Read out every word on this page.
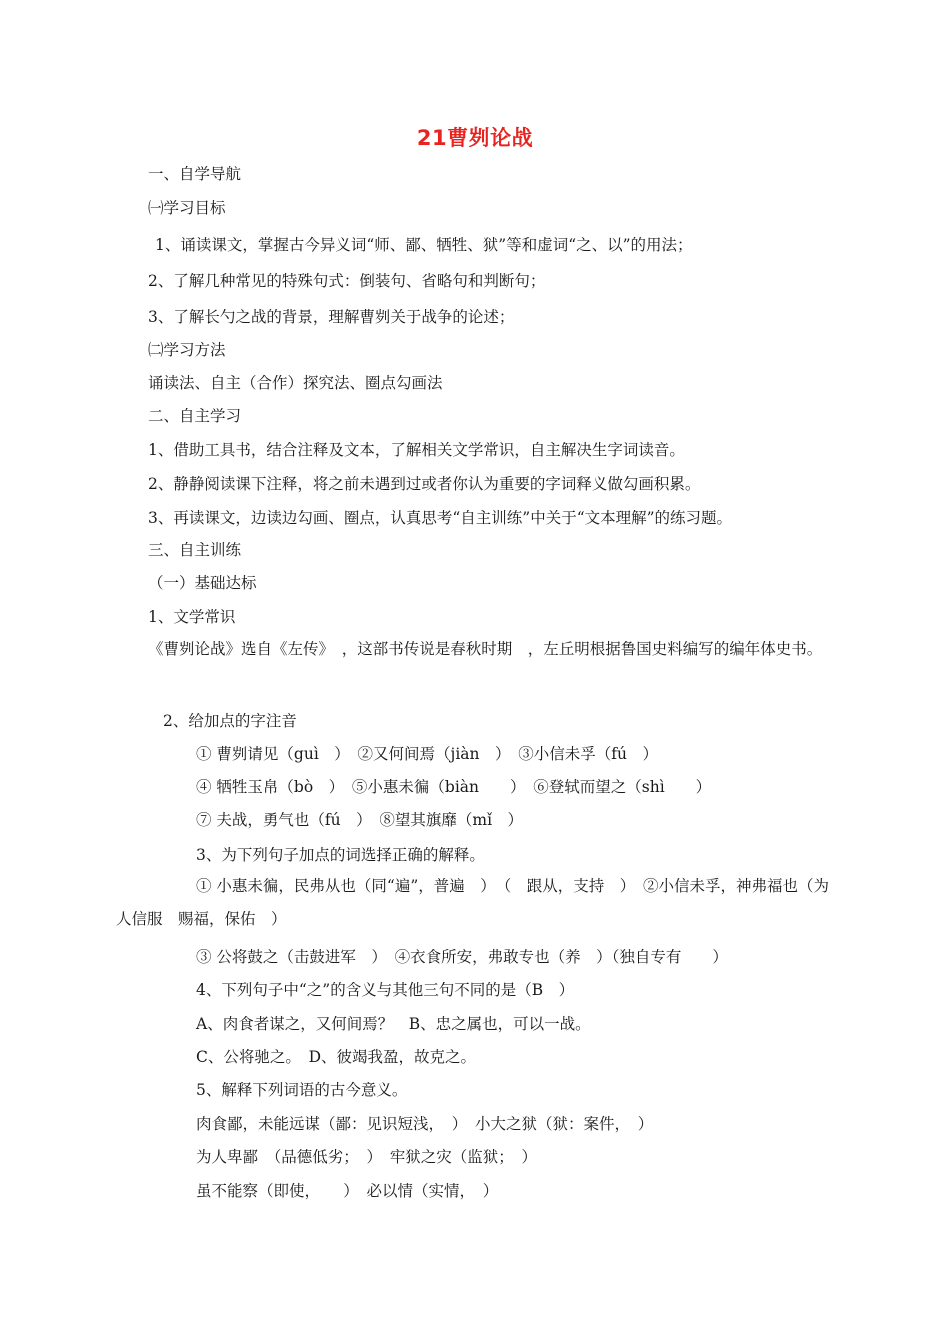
21曹刿论战
一、自学导航
㈠学习目标
1、诵读课文，掌握古今异义词“师、鄙、牺牲、狱”等和虚词“之、以”的用法；
2、了解几种常见的特殊句式：倒装句、省略句和判断句；
3、了解长勺之战的背景，理解曹刿关于战争的论述；
㈡学习方法
诵读法、自主（合作）探究法、圈点勾画法
二、自主学习
1、借助工具书，结合注释及文本，了解相关文学常识，自主解决生字词读音。
2、静静阅读课下注释，将之前未遇到过或者你认为重要的字词释义做勾画积累。
3、再读课文，边读边勾画、圈点，认真思考“自主训练”中关于“文本理解”的练习题。
三、自主训练
（一）基础达标
1、文学常识
《曹刿论战》选自《左传》　，这部书传说是春秋时期　，左丘明根据鲁国史料编写的编年体史书。
2、给加点的字注音
① 曹刿请见（guì　）　②又何间焉（jiàn　）　③小信未孚（fú　）
④ 牺牲玉帛（bò　）　⑤小惠未徧（biàn　　）　⑥登轼而望之（shì　　）
⑦ 夫战，勇气也（fú　）　⑧望其旗靡（mǐ　）
3、为下列句子加点的词选择正确的解释。
① 小惠未徧，民弗从也（同“遍”，普遍　）　（　跟从，支持　）　②小信未孚，神弗福也（为人信服　赐福，保佑　）
③ 公将鼓之（击鼓进军　）　④衣食所安，弗敢专也（养　）（独自专有　　）
4、下列句子中“之”的含义与其他三句不同的是（B　）
A、肉食者谋之，又何间焉？　B、忠之属也，可以一战。
C、公将驰之。　D、彼竭我盈，故克之。
5、解释下列词语的古今意义。
肉食鄙，未能远谋（鄙：见识短浅，　）　小大之狱（狱：案件，　）
为人卑鄙　（品德低劣；　）　牢狱之灾（监狱；　）
虽不能察（即使，　　）　必以情（实情，　）
